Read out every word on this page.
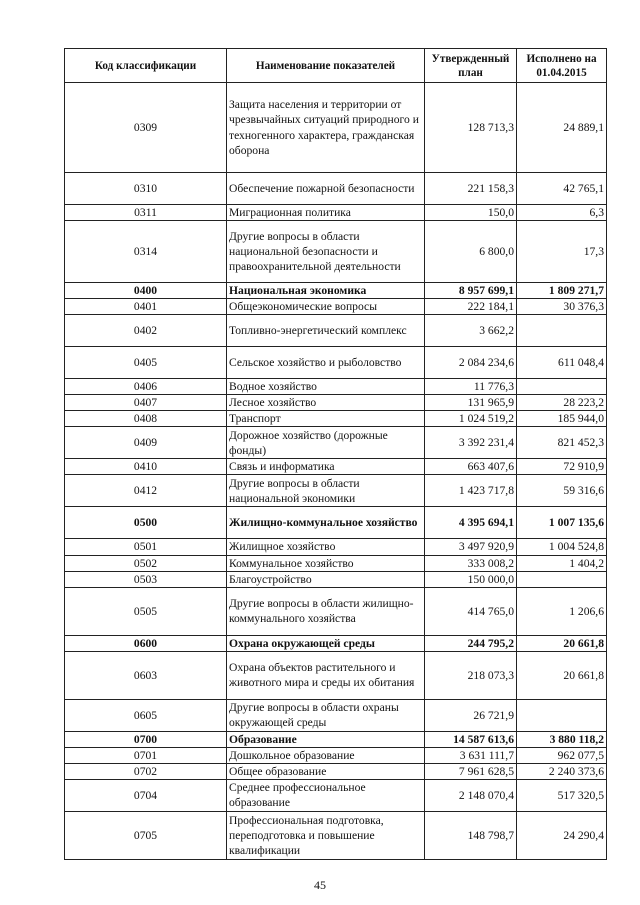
Код классификации	Наименование показателей	Утвержденный план	Исполнено на 01.04.2015
0309	Защита населения и территории от чрезвычайных ситуаций природного и техногенного характера, гражданская оборона	128 713,3	24 889,1
0310	Обеспечение пожарной безопасности	221 158,3	42 765,1
0311	Миграционная политика	150,0	6,3
0314	Другие вопросы в области национальной безопасности и правоохранительной деятельности	6 800,0	17,3
0400	Национальная экономика	8 957 699,1	1 809 271,7
0401	Общеэкономические вопросы	222 184,1	30 376,3
0402	Топливно-энергетический комплекс	3 662,2	
0405	Сельское хозяйство и рыболовство	2 084 234,6	611 048,4
0406	Водное хозяйство	11 776,3	
0407	Лесное хозяйство	131 965,9	28 223,2
0408	Транспорт	1 024 519,2	185 944,0
0409	Дорожное хозяйство (дорожные фонды)	3 392 231,4	821 452,3
0410	Связь и информатика	663 407,6	72 910,9
0412	Другие вопросы в области национальной экономики	1 423 717,8	59 316,6
0500	Жилищно-коммунальное хозяйство	4 395 694,1	1 007 135,6
0501	Жилищное хозяйство	3 497 920,9	1 004 524,8
0502	Коммунальное хозяйство	333 008,2	1 404,2
0503	Благоустройство	150 000,0	
0505	Другие вопросы в области жилищно-коммунального хозяйства	414 765,0	1 206,6
0600	Охрана окружающей среды	244 795,2	20 661,8
0603	Охрана объектов растительного и животного мира и среды их обитания	218 073,3	20 661,8
0605	Другие вопросы в области охраны окружающей среды	26 721,9	
0700	Образование	14 587 613,6	3 880 118,2
0701	Дошкольное образование	3 631 111,7	962 077,5
0702	Общее образование	7 961 628,5	2 240 373,6
0704	Среднее профессиональное образование	2 148 070,4	517 320,5
0705	Профессиональная подготовка, переподготовка и повышение квалификации	148 798,7	24 290,4
45
